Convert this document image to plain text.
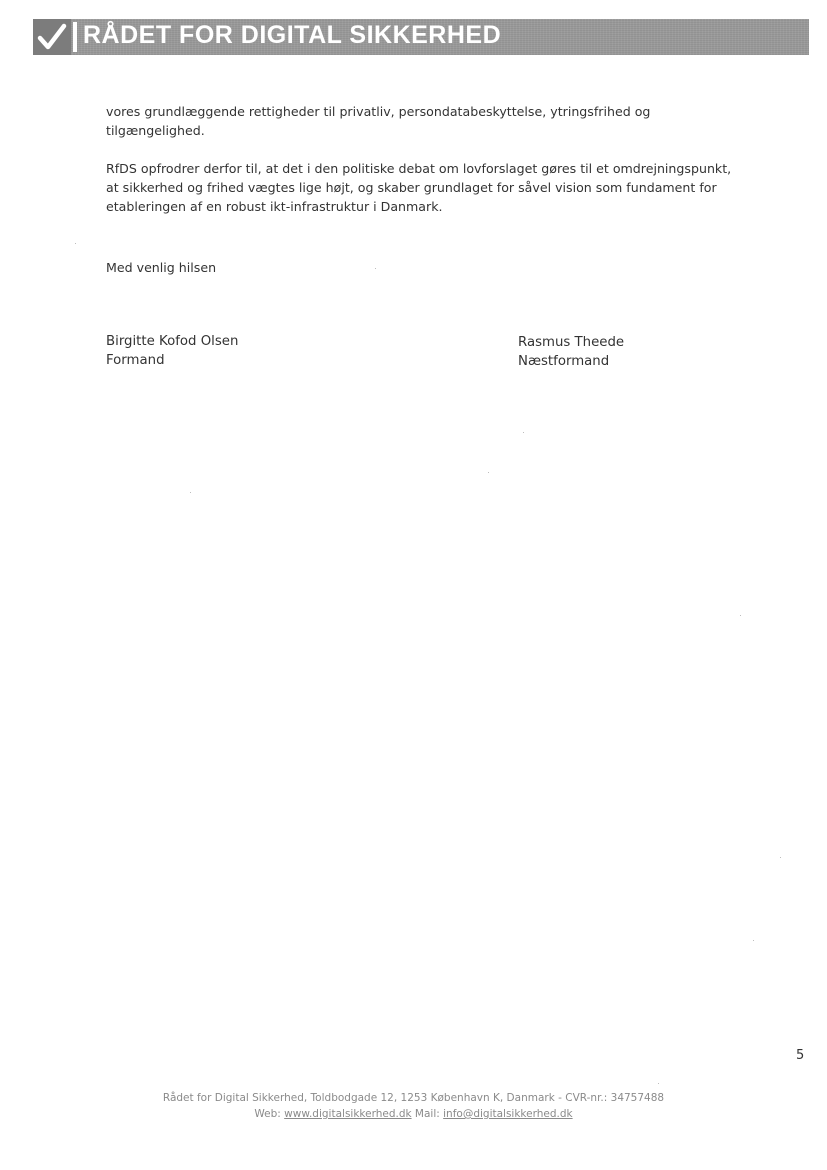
RÅDET FOR DIGITAL SIKKERHED
vores grundlæggende rettigheder til privatliv, persondatabeskyttelse, ytringsfrihed og
tilgængelighed.
RfDS opfrodrer derfor til, at det i den politiske debat om lovforslaget gøres til et omdrejningspunkt,
at sikkerhed og frihed vægtes lige højt, og skaber grundlaget for såvel vision som fundament for
etableringen af en robust ikt-infrastruktur i Danmark.
Med venlig hilsen
Birgitte Kofod Olsen
Formand
Rasmus Theede
Næstformand
5
Rådet for Digital Sikkerhed, Toldbodgade 12, 1253 København K, Danmark - CVR-nr.: 34757488
Web: www.digitalsikkerhed.dk Mail: info@digitalsikkerhed.dk
